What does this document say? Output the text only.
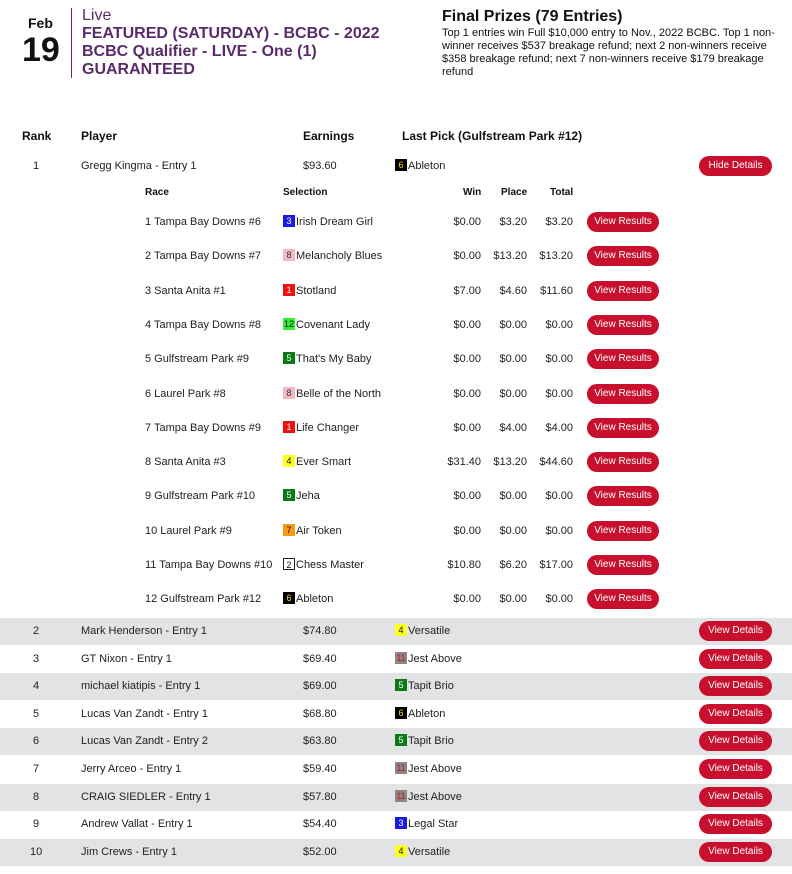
Feb
19
Live
FEATURED (SATURDAY) - BCBC - 2022 BCBC Qualifier - LIVE - One (1) GUARANTEED
Final Prizes (79 Entries)
Top 1 entries win Full $10,000 entry to Nov., 2022 BCBC. Top 1 non-winner receives $537 breakage refund; next 2 non-winners receive $358 breakage refund; next 7 non-winners receive $179 breakage refund
Rank Player	Earnings	Last Pick (Gulfstream Park #12)
1	Gregg Kingma - Entry 1	$93.60	6 Ableton	Hide Details
Race	Selection	Win Place Total
1 Tampa Bay Downs #6	3 Irish Dream Girl	$0.00	$3.20	$3.20	View Results
2 Tampa Bay Downs #7	8 Melancholy Blues	$0.00	$13.20	$13.20	View Results
3 Santa Anita #1	1 Stotland	$7.00	$4.60	$11.60	View Results
4 Tampa Bay Downs #8	12 Covenant Lady	$0.00	$0.00	$0.00	View Results
5 Gulfstream Park #9	5 That's My Baby	$0.00	$0.00	$0.00	View Results
6 Laurel Park #8	8 Belle of the North	$0.00	$0.00	$0.00	View Results
7 Tampa Bay Downs #9	1 Life Changer	$0.00	$4.00	$4.00	View Results
8 Santa Anita #3	4 Ever Smart	$31.40	$13.20	$44.60	View Results
9 Gulfstream Park #10	5 Jeha	$0.00	$0.00	$0.00	View Results
10 Laurel Park #9	7 Air Token	$0.00	$0.00	$0.00	View Results
11 Tampa Bay Downs #10	2 Chess Master	$10.80	$6.20	$17.00	View Results
12 Gulfstream Park #12	6 Ableton	$0.00	$0.00	$0.00	View Results
2	Mark Henderson - Entry 1	$74.80	4 Versatile	View Details
3	GT Nixon - Entry 1	$69.40	11 Jest Above	View Details
4	michael kiatipis - Entry 1	$69.00	5 Tapit Brio	View Details
5	Lucas Van Zandt - Entry 1	$68.80	6 Ableton	View Details
6	Lucas Van Zandt - Entry 2	$63.80	5 Tapit Brio	View Details
7	Jerry Arceo - Entry 1	$59.40	11 Jest Above	View Details
8	CRAIG SIEDLER - Entry 1	$57.80	11 Jest Above	View Details
9	Andrew Vallat - Entry 1	$54.40	3 Legal Star	View Details
10	Jim Crews - Entry 1	$52.00	4 Versatile	View Details
